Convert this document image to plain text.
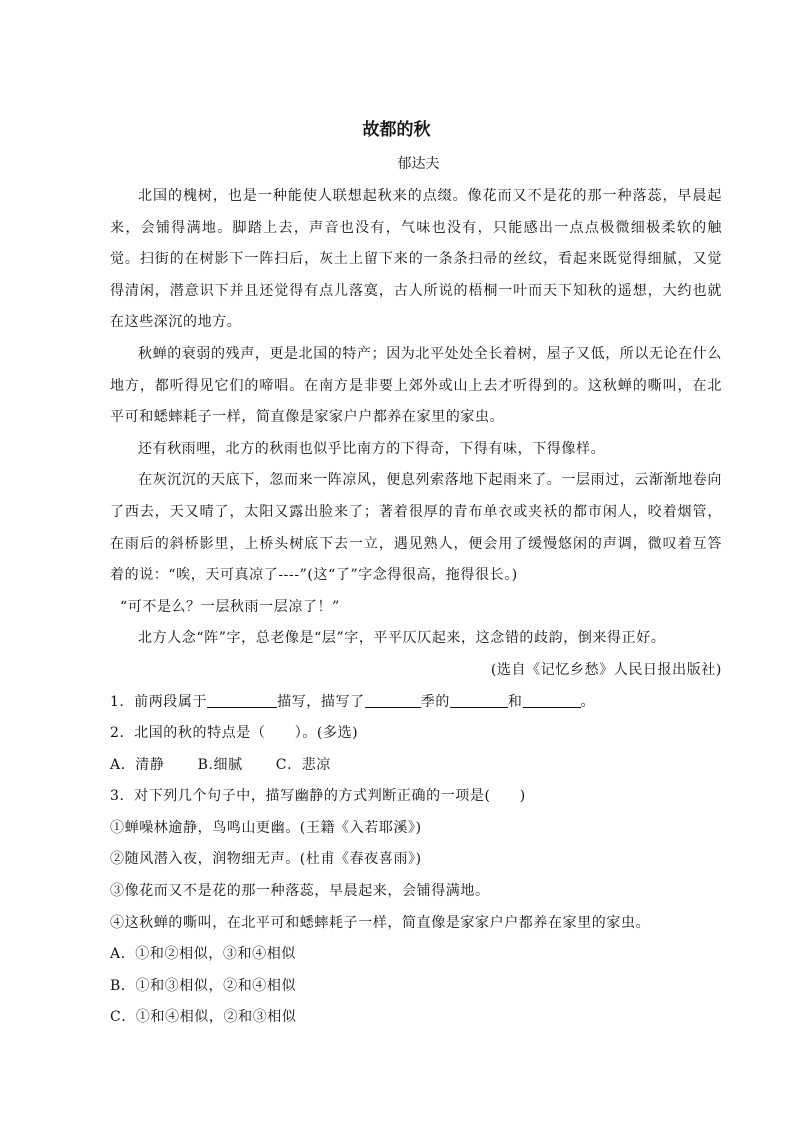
故都的秋
郁达夫

北国的槐树，也是一种能使人联想起秋来的点缀。像花而又不是花的那一种落蕊，早晨起来，会铺得满地。脚踏上去，声音也没有，气味也没有，只能感出一点点极微细极柔软的触觉。扫街的在树影下一阵扫后，灰土上留下来的一条条扫帚的丝纹，看起来既觉得细腻，又觉得清闲，潜意识下并且还觉得有点儿落寞，古人所说的梧桐一叶而天下知秋的遥想，大约也就在这些深沉的地方。

秋蝉的衰弱的残声，更是北国的特产；因为北平处处全长着树，屋子又低，所以无论在什么地方，都听得见它们的啼唱。在南方是非要上郊外或山上去才听得到的。这秋蝉的嘶叫，在北平可和蟋蟀耗子一样，简直像是家家户户都养在家里的家虫。

还有秋雨哩，北方的秋雨也似乎比南方的下得奇，下得有味，下得像样。

在灰沉沉的天底下，忽而来一阵凉风，便息列索落地下起雨来了。一层雨过，云渐渐地卷向了西去，天又晴了，太阳又露出脸来了；著着很厚的青布单衣或夹袄的都市闲人，咬着烟管，在雨后的斜桥影里，上桥头树底下去一立，遇见熟人，便会用了缓慢悠闲的声调，微叹着互答着的说：“唉，天可真凉了----”(这“了”字念得很高，拖得很长。)

“可不是么？一层秋雨一层凉了！”

北方人念“阵”字，总老像是“层”字，平平仄仄起来，这念错的歧韵，倒来得正好。

(选自《记忆乡愁》人民日报出版社)

1．前两段属于	描写，描写了	季的	和	。

2．北国的秋的特点是（　　）。(多选)

A．清静 B.细腻 C．悲凉

3．对下列几个句子中，描写幽静的方式判断正确的一项是(　　)

①蝉噪林逾静，鸟鸣山更幽。(王籍《入若耶溪》)

②随风潜入夜，润物细无声。(杜甫《春夜喜雨》)

③像花而又不是花的那一种落蕊，早晨起来，会铺得满地。

④这秋蝉的嘶叫，在北平可和蟋蟀耗子一样，简直像是家家户户都养在家里的家虫。

A．①和②相似，③和④相似

B．①和③相似，②和④相似

C．①和④相似，②和③相似
